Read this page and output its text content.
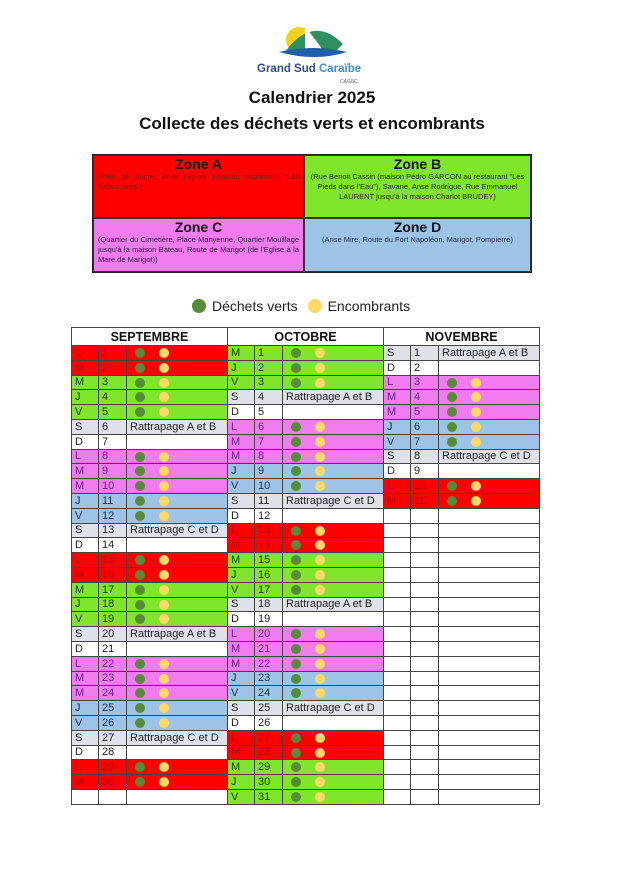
Grand Sud Caraïbe
CAGSC
Calendrier 2025
Collecte des déchets verts et encombrants
Zone A
(Pain de Sucre, Anse Figuier jusqu'au restaurant "Les Balançoires")
Zone B
(Rue Benoit Cassin (maison Pédro GARCON au restaurant "Les Pieds dans l'Eau"), Savane, Anse Rodrigue, Rue Emmanuel LAURENT jusqu'à la maison Charlot BRUDEY)
Zone C
(Quartier du Cimetière, Place Manyenne, Quartier Mouillage jusqu'à la maison Bateau, Route de Marigot (de l'Eglise à la Mare de Marigot))
Zone D
(Anse Mire, Route du Fort Napoléon, Marigot, Pompierre)
Déchets verts Encombrants
SEPTEMBRE			OCTOBRE			NOVEMBRE		
L	1		M	1		S	1	Rattrapage A et B
M	2		J	2		D	2	
M	3		V	3		L	3	

J	4		S	4	Rattrapage A et B	M	4	

V	5		D	5		M	5	

S	6	Rattrapage A et B	L	6		J	6	

D	7		M	7		V	7	

L	8		M	8		S	8	Rattrapage C et D
M	9		J	9		D	9	
M	10		V	10		L	10	

J	11		S	11	Rattrapage C et D	M	11	

V	12		D	12				
S	13	Rattrapage C et D	L	13	

D	14		M	14	

L	15		M	15	

M	16		J	16	

M	17		V	17	

J	18		S	18	Rattrapage A et B			
V	19		D	19				
S	20	Rattrapage A et B	L	20	

D	21		M	21	

L	22		M	22	

M	23		J	23	

M	24		V	24	

J	25		S	25	Rattrapage C et D			
V	26		D	26				
S	27	Rattrapage C et D	L	27	

D	28		M	28	

L	29		M	29	

M	30		J	30	

			V	31	
